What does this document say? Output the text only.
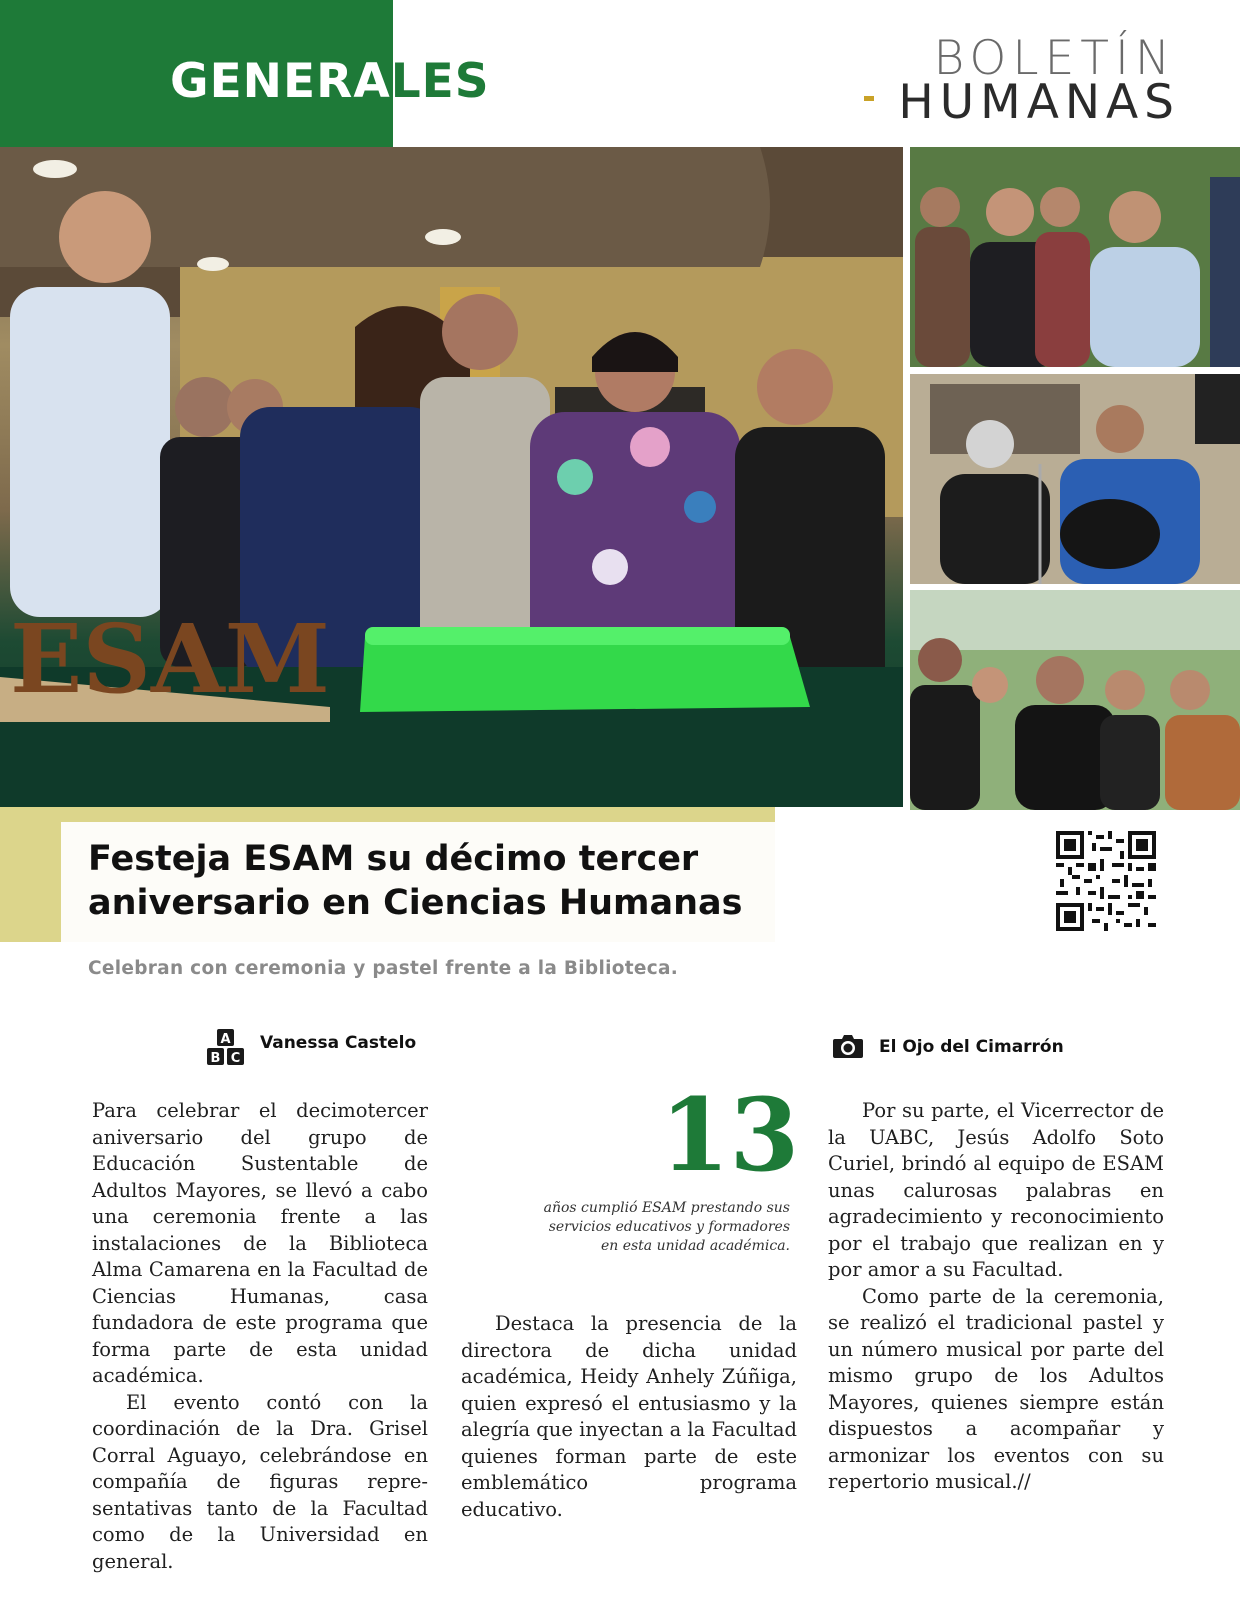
GENERALES	BOLETÍN
HUMANAS
ESAM
Festeja ESAM su décimo tercer aniversario en Ciencias Humanas
Celebran con ceremonia y pastel frente a la Biblioteca.
A
B C
Vanessa Castelo	El Ojo del Cimarrón

Para celebrar el decimotercer aniversario del grupo de Educación Sustentable de Adultos Mayores, se llevó a cabo una ceremonia frente a las instalaciones de la Biblioteca Alma Camarena en la Facultad de Ciencias Humanas, casa fundadora de este programa que forma parte de esta unidad académica.

El evento contó con la coordinación de la Dra. Grisel Corral Aguayo, celebrándose en compañía de figuras repre-sentativas tanto de la Facultad como de la Universidad en general.

13
años cumplió ESAM prestando sus servicios educativos y formadores en esta unidad académica.

Destaca la presencia de la directora de dicha unidad académica, Heidy Anhely Zúñiga, quien expresó el entusiasmo y la alegría que inyectan a la Facultad quienes forman parte de este emblemático programa educativo.

Por su parte, el Vicerrector de la UABC, Jesús Adolfo Soto Curiel, brindó al equipo de ESAM unas calurosas palabras en agradecimiento y reconocimiento por el trabajo que realizan en y por amor a su Facultad.

Como parte de la ceremonia, se realizó el tradicional pastel y un número musical por parte del mismo grupo de los Adultos Mayores, quienes siempre están dispuestos a acompañar y armonizar los eventos con su repertorio musical.//
